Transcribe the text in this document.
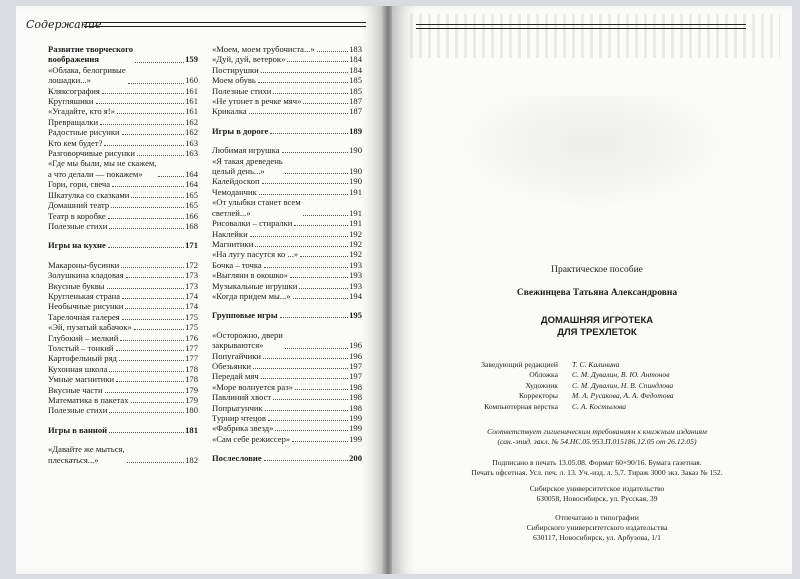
Содержание
Развитие творческого
воображения	159
«Облака, белогривые
лошадки...»	160
Кляксография	161
Кругляшики	161
«Угадайте, кто я!»	161
Превращалки	162
Радостные рисунки	162
Кто кем будет?	163
Разговорчивые рисунки	163
«Где мы были, мы не скажем,
а что делали — покажем»	164
Гори, гори, свеча	164
Шкатулка со сказками	165
Домашний театр	165
Театр в коробке	166
Полезные стихи	168
Игры на кухне	171
Макароны-бусинки	172
Золушкина кладовая	173
Вкусные буквы	173
Кругленькая страна	174
Необычные рисунки	174
Тарелочная галерея	175
«Эй, пузатый кабачок»	175
Глубокий – мелкий	176
Толстый – тонкий	177
Картофельный ряд	177
Кухонная школа	178
Умные магнитики	178
Вкусные части	179
Математика в пакетах	179
Полезные стихи	180
Игры в ванной	181
«Давайте же мыться,
плескаться...»	182
«Моем, моем трубочиста...»	183
«Дуй, дуй, ветерок»	184
Постирушки	184
Моем обувь	185
Полезные стихи	185
«Не утонет в речке мяч»	187
Крикалка	187
Игры в дороге	189
Любимая игрушка	190
«Я такая древедень
целый день...»	190
Калейдоскоп	190
Чемоданчик	191
«От улыбки станет всем
светлей...»	191
Рисовалки – стиралки	191
Наклейки	192
Магнитики	192
«На лугу пасутся ко ...»	192
Бочка – точка	193
«Выгляни в окошко»	193
Музыкальные игрушки	193
«Когда придем мы...»	194
Групповые игры	195
«Осторожно, двери
закрываются»	196
Попугайчики	196
Обезьянки	197
Передай мяч	197
«Море волнуется раз»	198
Павлиний хвост	198
Попрыгунчик	198
Турнир чтецов	199
«Фабрика звезд»	199
«Сам себе режиссер»	199
Послесловие	200
Практическое пособие
Свежинцева Татьяна Александровна
ДОМАШНЯЯ ИГРОТЕКА
ДЛЯ ТРЕХЛЕТОК
Заведующий редакцией	Т. С. Калинина
Обложка	С. М. Дувалин, В. Ю. Антонов
Художник	С. М. Дувалин, Н. В. Спиндлова
Корректоры	М. А. Русакова, А. А. Федотова
Компьютерная верстка	С. А. Костылова
Соответствует гигиеническим требованиям к книжным изданиям
(сан.-эпид. закл. № 54.НС.05.953.П.015186.12.05 от 26.12.05)
Подписано в печать 13.05.08. Формат 60×90/16. Бумага газетная.
Печать офсетная. Усл. печ. л. 13. Уч.-изд. л. 5,7. Тираж 3000 экз. Заказ № 152.
Сибирское университетское издательство
630058, Новосибирск, ул. Русская, 39
Отпечатано в типографии
Сибирского университетского издательства
630117, Новосибирск, ул. Арбузова, 1/1
